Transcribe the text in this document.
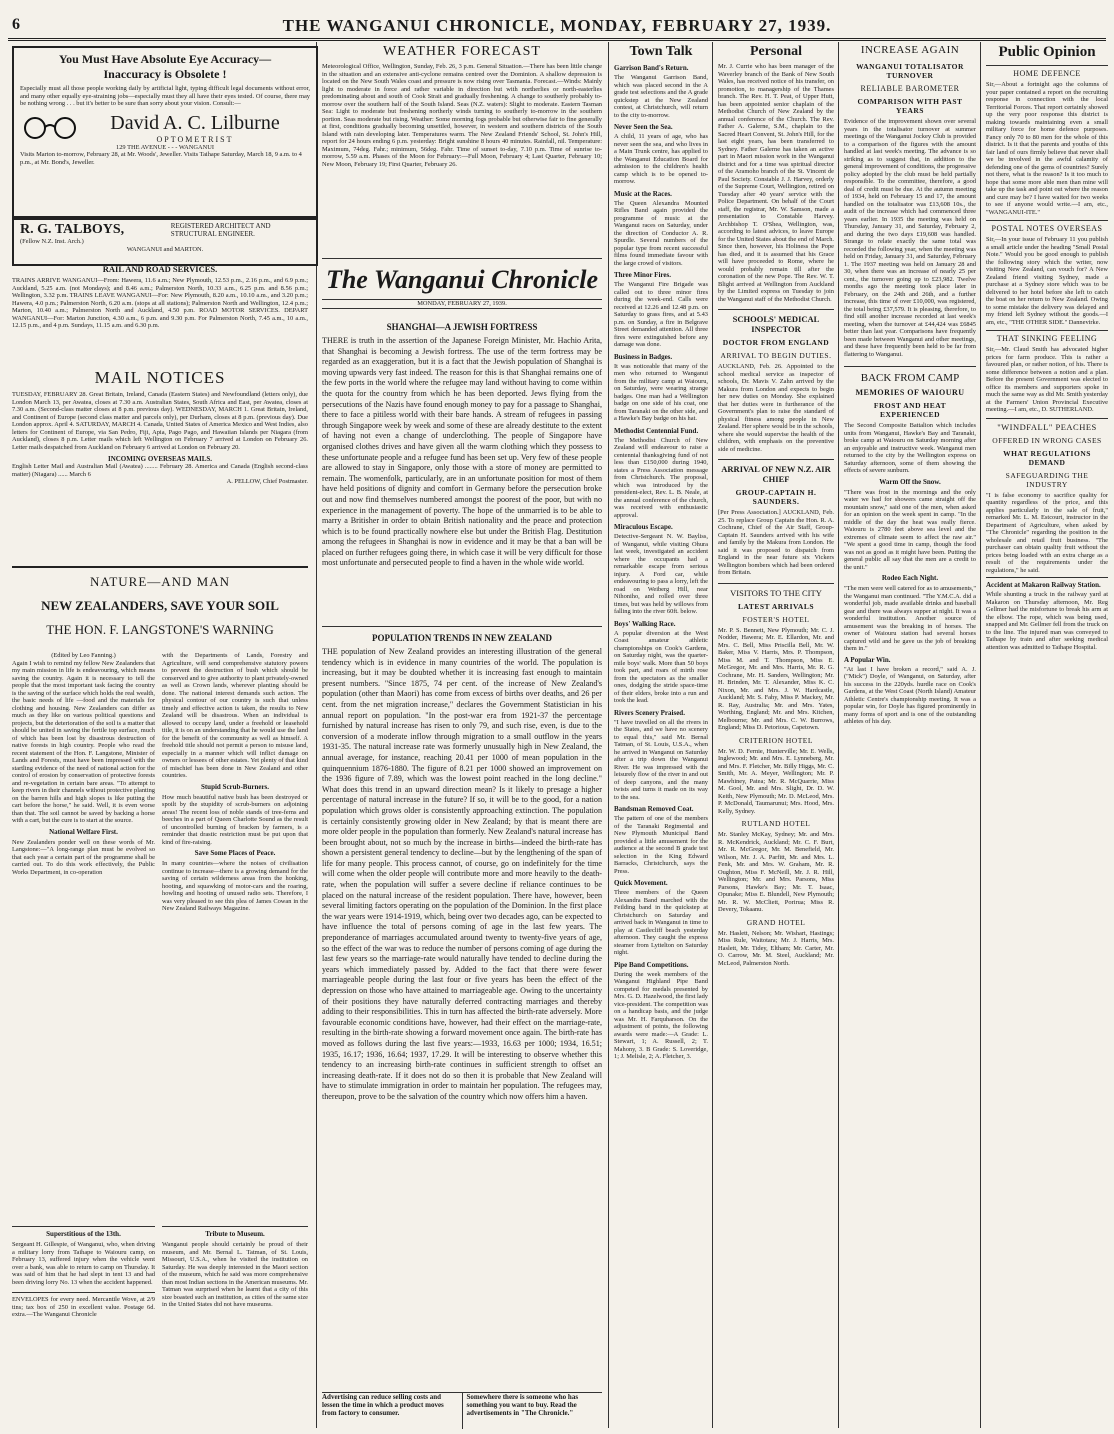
6	THE WANGANUI CHRONICLE, MONDAY, FEBRUARY 27, 1939.
You Must Have Absolute Eye Accuracy—
Inaccuracy is Obsolete !
Especially must all those people working daily by artificial light, typing difficult legal documents without error, and many other equally eye-straining jobs—especially must they all have their eyes tested. Of course, there may be nothing wrong . . . but it's better to be sure than sorry about your vision. Consult:—
David A. C. Lilburne
OPTOMETRIST
129 THE AVENUE - - - WANGANUI
Visits Marton to-morrow, February 28, at Mr. Woods', Jeweller. Visits Taihape Saturday, March 18, 9 a.m. to 4 p.m., at Mr. Bond's, Jeweller.
R. G. TALBOYS,
(Fellow N.Z. Inst. Arch.)
REGISTERED ARCHITECT AND STRUCTURAL ENGINEER.
WANGANUI and MARTON.
RAIL AND ROAD SERVICES.
TRAINS ARRIVE WANGANUI—From: Hawera, 11.6 a.m.; New Plymouth, 12.53 p.m., 2.16 p.m., and 6.9 p.m.; Auckland, 5.25 a.m. (not Mondays); and 8.46 a.m.; Palmerston North, 10.33 a.m., 6.25 p.m. and 8.56 p.m.; Wellington, 3.32 p.m. TRAINS LEAVE WANGANUI—For: New Plymouth, 8.20 a.m., 10.10 a.m., and 3.20 p.m.; Hawera, 4.0 p.m.; Palmerston North, 6.20 a.m. (stops at all stations); Palmerston North and Wellington, 12.4 p.m.; Marton, 10.40 a.m.; Palmerston North and Auckland, 4.50 p.m. ROAD MOTOR SERVICES. DEPART WANGANUI—For: Marton Junction, 4.30 a.m., 6 p.m. and 9.30 p.m. For Palmerston North, 7.45 a.m., 10 a.m., 12.15 p.m., and 4 p.m. Sundays, 11.15 a.m. and 6.30 p.m.
MAIL NOTICES
TUESDAY, FEBRUARY 28. Great Britain, Ireland, Canada (Eastern States) and Newfoundland (letters only), due London March 13, per Awatea, closes at 7.30 a.m. Australian States, South Africa and East, per Awatea, closes at 7.30 a.m. (Second-class matter closes at 8 p.m. previous day). WEDNESDAY, MARCH 1. Great Britain, Ireland, and Continent of Europe (second class matter and parcels only), per Durham, closes at 8 p.m. (previous day). Due London approx. April 4. SATURDAY, MARCH 4. Canada, United States of America Mexico and West Indies, also letters for Continent of Europe, via San Pedro, Fiji, Apia, Pago Pago, and Hawaiian Islands per Niagara (from Auckland), closes 8 p.m. Letter mails which left Wellington on February 7 arrived at London on February 26. Letter mails despatched from Auckland on February 6 arrived at London on February 20.
INCOMING OVERSEAS MAILS.
English Letter Mail and Australian Mail (Awatea) ........ February 28. America and Canada (English second-class matter) (Niagara) ...... March 6
A. PELLOW, Chief Postmaster.
NATURE—AND MAN
NEW ZEALANDERS, SAVE YOUR SOIL
THE HON. F. LANGSTONE'S WARNING
(Edited by Leo Fanning.)
Again I wish to remind my fellow New Zealanders that my main mission in life is endeavouring, which means saving the country. Again it is necessary to tell the people that the most important task facing the country is the saving of the surface which holds the real wealth, the basic needs of life —food and the materials for clothing and housing. New Zealanders can differ as much as they like on various political questions and projects, but the deterioration of the soil is a matter that should be united in saving the fertile top surface, much of which has been lost by disastrous destruction of native forests in high country. People who read the recent statement of the Hon. F. Langstone, Minister of Lands and Forests, must have been impressed with the startling evidence of the need of national action for the control of erosion by conservation of protective forests and re-vegetation in certain bare areas. "To attempt to keep rivers in their channels without protective planting on the barren hills and high slopes is like putting the cart before the horse," he said. Well, it is even worse than that. The soil cannot be saved by backing a horse with a cart, but the cure is to start at the source.
National Welfare First.
New Zealanders ponder well on these words of Mr. Langstone:—"A long-range plan must be evolved so that each year a certain part of the programme shall be carried out. To do this work effectively, the Public Works Department, in co-operation
with the Departments of Lands, Forestry and Agriculture, will send comprehensive statutory powers to prevent the destruction of bush which should be conserved and to give authority to plant privately-owned as well as Crown lands, wherever planting should be done. The national interest demands such action. The physical contour of our country is such that unless timely and effective action is taken, the results to New Zealand will be disastrous. When an individual is allowed to occupy land, under a freehold or leasehold title, it is on an understanding that he would use the land for the benefit of the community as well as himself. A freehold title should not permit a person to misuse land, especially in a manner which will inflict damage on owners or lessees of other estates. Yet plenty of that kind of mischief has been done in New Zealand and other countries.
Stupid Scrub-Burners.
How much beautiful native bush has been destroyed or spoilt by the stupidity of scrub-burners on adjoining areas! The recent loss of noble stands of tree-ferns and beeches in a part of Queen Charlotte Sound as the result of uncontrolled burning of bracken by farmers, is a reminder that drastic restriction must be put upon that kind of fire-raising.
Save Some Places of Peace.
In many countries—where the noises of civilisation continue to increase—there is a growing demand for the saving of certain wilderness areas from the honking, hooting, and squawking of motor-cars and the roaring, howling and hooting of unused radio sets. Therefore, I was very pleased to see this plea of James Cowan in the New Zealand Railways Magazine.
Superstitious of the 13th.
Sergeant H. Gillespie, of Wanganui, who, when driving a military lorry from Taihape to Waiouru camp, on February 13, suffered injury when the vehicle went over a bank, was able to return to camp on Thursday. It was said of him that he had slept in tent 13 and had been driving lorry No. 13 when the accident happened.
ENVELOPES for every need. Mercantile Wove, at 2/9 tins; tax box of 250 in excellent value. Postage 6d. extra.—The Wanganui Chronicle
Tribute to Museum.
Wanganui people should certainly be proud of their museum, and Mr. Bernal L. Tatman, of St. Louis, Missouri, U.S.A., when he visited the institution on Saturday. He was deeply interested in the Maori section of the museum, which he said was more comprehensive than most Indian sections in the American museums. Mr. Tatman was surprised when he learnt that a city of this size boasted such an institution, as cities of the same size in the United States did not have museums.
WEATHER FORECAST
Meteorological Office, Wellington, Sunday, Feb. 26, 3 p.m. General Situation.—There has been little change in the situation and an extensive anti-cyclone remains centred over the Dominion. A shallow depression is located on the New South Wales coast and pressure is now rising over Tasmania. Forecast.—Winds: Mainly light to moderate in force and rather variable in direction but with northerlies or north-easterlies predominating about and south of Cook Strait and gradually freshening. A change to southerly probably to-morrow over the southern half of the South Island. Seas (N.Z. waters): Slight to moderate. Eastern Tasman Sea: Light to moderate but freshening northerly winds turning to southerly to-morrow in the southern portion. Seas moderate but rising. Weather: Some morning fogs probable but otherwise fair to fine generally at first, conditions gradually becoming unsettled, however, in western and southern districts of the South Island with rain developing later. Temperatures warm. The New Zealand Friends' School, St. John's Hill, report for 24 hours ending 6 p.m. yesterday: Bright sunshine 8 hours 40 minutes. Rainfall, nil. Temperature: Maximum, 74deg. Fahr.; minimum, 56deg. Fahr. Time of sunset to-day, 7.10 p.m. Time of sunrise to-morrow, 5.59 a.m. Phases of the Moon for February:—Full Moon, February 4; Last Quarter, February 10; New Moon, February 19; First Quarter, February 26.
The Wanganui Chronicle
MONDAY, FEBRUARY 27, 1939.
SHANGHAI—A JEWISH FORTRESS
THERE is truth in the assertion of the Japanese Foreign Minister, Mr. Hachio Arita, that Shanghai is becoming a Jewish fortress. The use of the term fortress may be regarded as an exaggeration, but it is a fact that the Jewish population of Shanghai is moving upwards very fast indeed. The reason for this is that Shanghai remains one of the few ports in the world where the refugee may land without having to come within the quota for the country from which he has been deported. Jews flying from the persecutions of the Nazis have found enough money to pay for a passage to Shanghai, there to face a pitiless world with their bare hands. A stream of refugees in passing through Singapore week by week and some of these are already destitute to the extent of having not even a change of underclothing. The people of Singapore have organised clothes drives and have given all the warm clothing which they possess to these unfortunate people and a refugee fund has been set up. Very few of these people are allowed to stay in Singapore, only those with a store of money are permitted to remain. The womenfolk, particularly, are in an unfortunate position for most of them have held positions of dignity and comfort in Germany before the persecution broke out and now find themselves numbered amongst the poorest of the poor, but with no experience in the management of poverty. The hope of the unmarried is to be able to marry a Britisher in order to obtain British nationality and the peace and protection which is to be found practically nowhere else but under the British Flag. Destitution among the refugees in Shanghai is now in evidence and it may be that a ban will be placed on further refugees going there, in which case it will be very difficult for those most unfortunate and persecuted people to find a haven in the whole wide world.
POPULATION TRENDS IN NEW ZEALAND
THE population of New Zealand provides an interesting illustration of the general tendency which is in evidence in many countries of the world. The population is increasing, but it may be doubted whether it is increasing fast enough to maintain present numbers. "Since 1875, 74 per cent. of the increase of New Zealand's population (other than Maori) has come from excess of births over deaths, and 26 per cent. from the net migration increase," declares the Government Statistician in his annual report on population. "In the post-war era from 1921-37 the percentage furnished by natural increase has risen to only 79, and such rise, even, is due to the conversion of a moderate inflow through migration to a small outflow in the years 1931-35. The natural increase rate was formerly unusually high in New Zealand, the annual average, for instance, reaching 20.41 per 1000 of mean population in the quinquennium 1876-1880. The figure of 8.21 per 1000 showed an improvement on the 1936 figure of 7.89, which was the lowest point reached in the long decline." What does this trend in an upward direction mean? Is it likely to presage a higher percentage of natural increase in the future? If so, it will be to the good, for a nation population which grows older is consistently approaching extinction. The population is certainly consistently growing older in New Zealand; by that is meant there are more older people in the population than formerly. New Zealand's natural increase has been brought about, not so much by the increase in births—indeed the birth-rate has shown a persistent general tendency to decline—but by the lengthening of the span of life for many people. This process cannot, of course, go on indefinitely for the time will come when the older people will contribute more and more heavily to the death-rate, when the population will suffer a severe decline if reliance continues to be placed on the natural increase of the resident population. There have, however, been several limiting factors operating on the population of the Dominion. In the first place the war years were 1914-1919, which, being over two decades ago, can be expected to have influence the total of persons coming of age in the last few years. The preponderance of marriages accumulated around twenty to twenty-five years of age, so the effect of the war was to reduce the number of persons coming of age during the last few years so the marriage-rate would naturally have tended to decline during the years which immediately passed by. Added to the fact that there were fewer marriageable people during the last four or five years has been the effect of the depression on those who have attained to marriageable age. Owing to the uncertainty of their positions they have naturally deferred contracting marriages and thereby adding to their responsibilities. This in turn has affected the birth-rate adversely. More favourable economic conditions have, however, had their effect on the marriage-rate, resulting in the birth-rate showing a forward movement once again. The birth-rate has moved as follows during the last five years:—1933, 16.63 per 1000; 1934, 16.51; 1935, 16.17; 1936, 16.64; 1937, 17.29. It will be interesting to observe whether this tendency to an increasing birth-rate continues in sufficient strength to offset an increasing death-rate. If it does not do so then it is probable that New Zealand will have to stimulate immigration in order to maintain her population. The refugees may, thereupon, prove to be the salvation of the country which now offers him a haven.
Advertising can reduce selling costs and lessen the time in which a product moves from factory to consumer.
Somewhere there is someone who has something you want to buy. Read the advertisements in "The Chronicle."
Town Talk
Garrison Band's Return.
The Wanganui Garrison Band, which was placed second in the A grade test selections and the A grade quickstep at the New Zealand contest, at Christchurch, will return to the city to-morrow.
Never Seen the Sea.
A child, 11 years of age, who has never seen the sea, and who lives in a Main Trunk centre, has applied to the Wanganui Education Board for admission to the children's health camp which is to be opened to-morrow.
Music at the Races.
The Queen Alexandra Mounted Rifles Band again provided the programme of music at the Wanganui races on Saturday, under the direction of Conductor A. R. Spurdle. Several numbers of the popular type from recent successful films found immediate favour with the large crowd of visitors.
Three Minor Fires.
The Wanganui Fire Brigade was called out to three minor fires during the week-end. Calls were received at 12.26 and 12.48 p.m. on Saturday to grass fires, and at 5.43 p.m. on Sunday, a fire in Belgrave Street demanded attention. All three fires were extinguished before any damage was done.
Business in Badges.
It was noticeable that many of the men who returned to Wanganui from the military camp at Waiouru, on Saturday, were wearing strange badges. One man had a Wellington badge on one side of his coat, one from Taranaki on the other side, and a Hawke's Bay badge on his hat.
Methodist Centennial Fund.
The Methodist Church of New Zealand will endeavour to raise a centennial thanksgiving fund of not less than £150,000 during 1940, states a Press Association message from Christchurch. The proposal, which was introduced by the president-elect, Rev. L. B. Neale, at the annual conference of the church, was received with enthusiastic approval.
Miraculous Escape.
Detective-Sergeant N. W. Bayliss, of Wanganui, while visiting Ohura last week, investigated an accident where the occupants had a remarkable escape from serious injury. A Ford car, while endeavouring to pass a lorry, left the road on Weiberg Hill, near Nihoniho, and rolled over three times, but was held by willows from falling into the river 60ft. below.
Boys' Walking Race.
A popular diversion at the West Coast amateur athletic championships on Cook's Gardens, on Saturday night, was the quarter-mile boys' walk. More than 50 boys took part, and roars of mirth rose from the spectators as the smaller ones, dodging the stride space-time of their elders, broke into a run and took the lead.
Rivers Scenery Praised.
"I have travelled on all the rivers in the States, and we have no scenery to equal this," said Mr. Bernal Tatman, of St. Louis, U.S.A., when he arrived in Wanganui on Saturday after a trip down the Wanganui River. He was impressed with the leisurely flow of the river in and out of deep canyons, and the many twists and turns it made on its way to the sea.
Bandsman Removed Coat.
The pattern of one of the members of the Taranaki Regimental and New Plymouth Municipal Band provided a little amusement for the audience at the second B grade test selection in the King Edward Barracks, Christchurch, says the Press.
Quick Movement.
Three members of the Queen Alexandra Band marched with the Feilding band in the quickstep at Christchurch on Saturday and arrived back in Wanganui in time to play at Castlecliff beach yesterday afternoon. They caught the express steamer from Lyttelton on Saturday night.
Pipe Band Competitions.
During the week members of the Wanganui Highland Pipe Band competed for medals presented by Mrs. G. D. Hazelwood, the first lady vice-president. The competition was on a handicap basis, and the judge was Mr. H. Farquharson. On the adjustment of points, the following awards were made:—A Grade: L. Stewart, 1; A. Russell, 2; T. Mahony, 3. B Grade: S. Loveridge, 1; J. Melisle, 2; A. Fletcher, 3.
Personal
Mr. J. Currie who has been manager of the Waverley branch of the Bank of New South Wales, has received notice of his transfer, on promotion, to managership of the Thames branch. The Rev. H. T. Peat, of Upper Hutt, has been appointed senior chaplain of the Methodist Church of New Zealand by the annual conference of the Church. The Rev. Father A. Galerne, S.M., chaplain to the Sacred Heart Convent, St. John's Hill, for the last eight years, has been transferred to Sydney. Father Galerne has taken an active part in Maori mission work in the Wanganui district and for a time was spiritual director of the Aramoho branch of the St. Vincent de Paul Society. Constable J. J. Harvey, orderly of the Supreme Court, Wellington, retired on Tuesday after 40 years' service with the Police Department. On behalf of the Court staff, the registrar, Mr. W. Samson, made a presentation to Constable Harvey. Archbishop T. O'Shea, Wellington, was, according to latest advices, to leave Europe for the United States about the end of March. Since then, however, his Holiness the Pope has died, and it is assumed that his Grace will have proceeded to Rome, where he would probably remain till after the coronation of the new Pope. The Rev. W. T. Blight arrived at Wellington from Auckland by the Limited express on Tuesday to join the Wanganui staff of the Methodist Church.
SCHOOLS' MEDICAL INSPECTOR
DOCTOR FROM ENGLAND
ARRIVAL TO BEGIN DUTIES.
AUCKLAND, Feb. 26. Appointed to the school medical service as inspector of schools, Dr. Mavis V. Zahn arrived by the Makura from London and expects to begin her new duties on Monday. She explained that her duties were in furtherance of the Government's plan to raise the standard of physical fitness among people in New Zealand. Her sphere would be in the schools, where she would supervise the health of the children, with emphasis on the preventive side of medicine.
ARRIVAL OF NEW N.Z. AIR CHIEF
GROUP-CAPTAIN H. SAUNDERS.
[Per Press Association.] AUCKLAND, Feb. 25. To replace Group Captain the Hon. R. A. Cochrane, Chief of the Air Staff, Group-Captain H. Saunders arrived with his wife and family by the Makura from London. He said it was proposed to dispatch from England in the near future six Vickers Wellington bombers which had been ordered from Britain.
VISITORS TO THE CITY
LATEST ARRIVALS
FOSTER'S HOTEL
Mr. P. S. Bennett, New Plymouth; Mr. C. J. Nodder, Hawera; Mr. E. Ellardon, Mr. and Mrs. C. Bell, Miss Priscilla Bell, Mr. W. Baker, Miss V. Harris, Mrs. P. Thompson, Miss M. and T. Thompson, Miss E. McGregor, Mr. and Mrs. Harris, Mr. R. G. Cochrane, Mr. H. Sanders, Wellington; Mr. H. Brinden, Mr. T. Alexander, Miss K. C. Nixon, Mr. and Mrs. J. W. Hardcastle, Auckland; Mr. S. Fahy, Miss P. Mackey, Mr. R. Ray, Australia; Mr. and Mrs. Yates, Worthing, England; Mr. and Mrs. Kitchen, Melbourne; Mr. and Mrs. C. W. Burrows, England; Miss D. Petorious, Capetown.
CRITERION HOTEL
Mr. W. D. Fernie, Hunterville; Mr. E. Wells, Inglewood; Mr. and Mrs. E. Lynneberg, Mr. and Mrs. F. Fletcher, Mr. Billy Higgs, Mr. C. Smith, Mr. A. Meyer, Wellington; Mr. P. Mawhiney, Patea; Mr. R. McQuarrie, Miss M. Gool, Mr. and Mrs. Slight, Dr. D. W. Keith, New Plymouth; Mr. D. McLeod, Mrs. P. McDonald, Taumarunui; Mrs. Hood, Mrs. Kelly, Sydney.
RUTLAND HOTEL
Mr. Stanley McKay, Sydney; Mr. and Mrs. R. McKendrick, Auckland; Mr. C. F. Burt, Mr. R. McGregor, Mr. M. Benefield, Mr. Wilson, Mr. J. A. Parfitt, Mr. and Mrs. L. Fenk, Mr. and Mrs. W. Graham, Mr. R. Oughton, Miss F. McNeill, Mr. J. R. Hill, Wellington; Mr. and Mrs. Parsons, Miss Parsons, Hawke's Bay; Mr. T. Isaac, Opunake; Miss E. Blundell, New Plymouth; Mr. R. W. McCliett, Porirua; Miss R. Devery, Tokaanu.
GRAND HOTEL
Mr. Haslett, Nelson; Mr. Wishart, Hastings; Miss Rule, Waitotara; Mr. J. Harris, Mrs. Haslett, Mr. Tidey, Eltham; Mr. Carter, Mr. O. Carrow, Mr. M. Steel, Auckland; Mr. McLeod, Palmerston North.
INCREASE AGAIN
WANGANUI TOTALISATOR TURNOVER
RELIABLE BAROMETER
COMPARISON WITH PAST YEARS
Evidence of the improvement shown over several years in the totalisator turnover at summer meetings of the Wanganui Jockey Club is provided to a comparison of the figures with the amount handled at last week's meeting. The advance is so striking as to suggest that, in addition to the general improvement of conditions, the progressive policy adopted by the club must be held partially responsible. To the committee, therefore, a good deal of credit must be due. At the autumn meeting of 1934, held on February 15 and 17, the amount handled on the totalisator was £13,608 10s., the audit of the increase which had commenced three years earlier. In 1935 the meeting was held on Thursday, January 31, and Saturday, February 2, and during the two days £19,608 was handled. Strange to relate exactly the same total was recorded the following year, when the meeting was held on Friday, January 31, and Saturday, February 1. The 1937 meeting was held on January 28 and 30, when there was an increase of nearly 25 per cent., the turnover going up to £23,982. Twelve months ago the meeting took place later in February, on the 24th and 26th, and a further increase, this time of over £10,000, was registered, the total being £37,579. It is pleasing, therefore, to find still another increase recorded at last week's meeting, when the turnover at £44,424 was £6845 better than last year. Comparisons have frequently been made between Wanganui and other meetings, and these have frequently been held to be far from flattering to Wanganui.
BACK FROM CAMP
MEMORIES OF WAIOURU
FROST AND HEAT EXPERIENCED
The Second Composite Battalion which includes units from Wanganui, Hawke's Bay and Taranaki, broke camp at Waiouru on Saturday morning after an enjoyable and instructive week. Wanganui men returned to the city by the Wellington express on Saturday afternoon, some of them showing the effects of severe sunburn.
Warm Off the Snow.
"There was frost in the mornings and the only water we had for showers came straight off the mountain snow," said one of the men, when asked for an opinion on the week spent in camp. "In the middle of the day the heat was really fierce. Waiouru is 2780 feet above sea level and the extremes of climate seem to affect the raw air." "We spent a good time in camp, though the food was not as good as it might have been. Putting the general public all say that the men are a credit to the unit."
Rodeo Each Night.
"The men were well catered for as to amusements," the Wanganui man continued. "The Y.M.C.A. did a wonderful job, made available drinks and baseball gear and there was always supper at night. It was a wonderful institution. Another source of amusement was the breaking in of horses. The owner of Waiouru station had several horses captured wild and he gave us the job of breaking them in."
A Popular Win.
"At last I have broken a record," said A. J. ("Mick") Doyle, of Wanganui, on Saturday, after his success in the 220yds. hurdle race on Cook's Gardens, at the West Coast (North Island) Amateur Athletic Centre's championship meeting. It was a popular win, for Doyle has figured prominently in many forms of sport and is one of the outstanding athletes of his day.
Public Opinion
HOME DEFENCE
Sir,—About a fortnight ago the columns of your paper contained a report on the recruiting response in connection with the local Territorial Forces. That report certainly showed up the very poor response this district is making towards maintaining even a small military force for home defence purposes. Fancy only 70 to 80 men for the whole of this district. Is it that the parents and youths of this fair land of ours firmly believe that never shall we be involved in the awful calamity of defending one of the gems of countries? Surely not there, what is the reason? Is it too much to hope that some more able men than mine will take up the task and point out where the reason and cure may be? I have waited for two weeks to see if anyone would write.—I am, etc., "WANGANUI-ITE."
POSTAL NOTES OVERSEAS
Sir,—In your issue of February 11 you publish a small article under the heading "Small Postal Note." Would you be good enough to publish the following story which the writer, now visiting New Zealand, can vouch for? A New Zealand friend visiting Sydney, made a purchase at a Sydney store which was to be delivered to her hotel before she left to catch the boat on her return to New Zealand. Owing to some mistake the delivery was delayed and my friend left Sydney without the goods.—I am, etc., "THE OTHER SIDE." Dannevirke.
THAT SINKING FEELING
Sir,—Mr. Claud Smith has advocated higher prices for farm produce. This is rather a favoured plan, or rather notion, of his. There is some difference between a notion and a plan. Before the present Government was elected to office its members and supporters spoke in much the same way as did Mr. Smith yesterday at the Farmers' Union Provincial Executive meeting.—I am, etc., D. SUTHERLAND.
"WINDFALL" PEACHES
OFFERED IN WRONG CASES
WHAT REGULATIONS DEMAND
SAFEGUARDING THE INDUSTRY
"I is false economy to sacrifice quality for quantity regardless of the price, and this applies particularly in the sale of fruit," remarked Mr. L. M. Estcourt, instructor in the Department of Agriculture, when asked by "The Chronicle" regarding the position in the wholesale and retail fruit business. "The purchaser can obtain quality fruit without the prices being loaded with an extra charge as a result of the requirements under the regulations," he said.
Accident at Makaron Railway Station.
While shunting a truck in the railway yard at Makaron on Thursday afternoon, Mr. Reg Gellmer had the misfortune to break his arm at the elbow. The rope, which was being used, snapped and Mr. Gellmer fell from the truck on to the line. The injured man was conveyed to Taihape by train and after seeking medical attention was admitted to Taihape Hospital.
